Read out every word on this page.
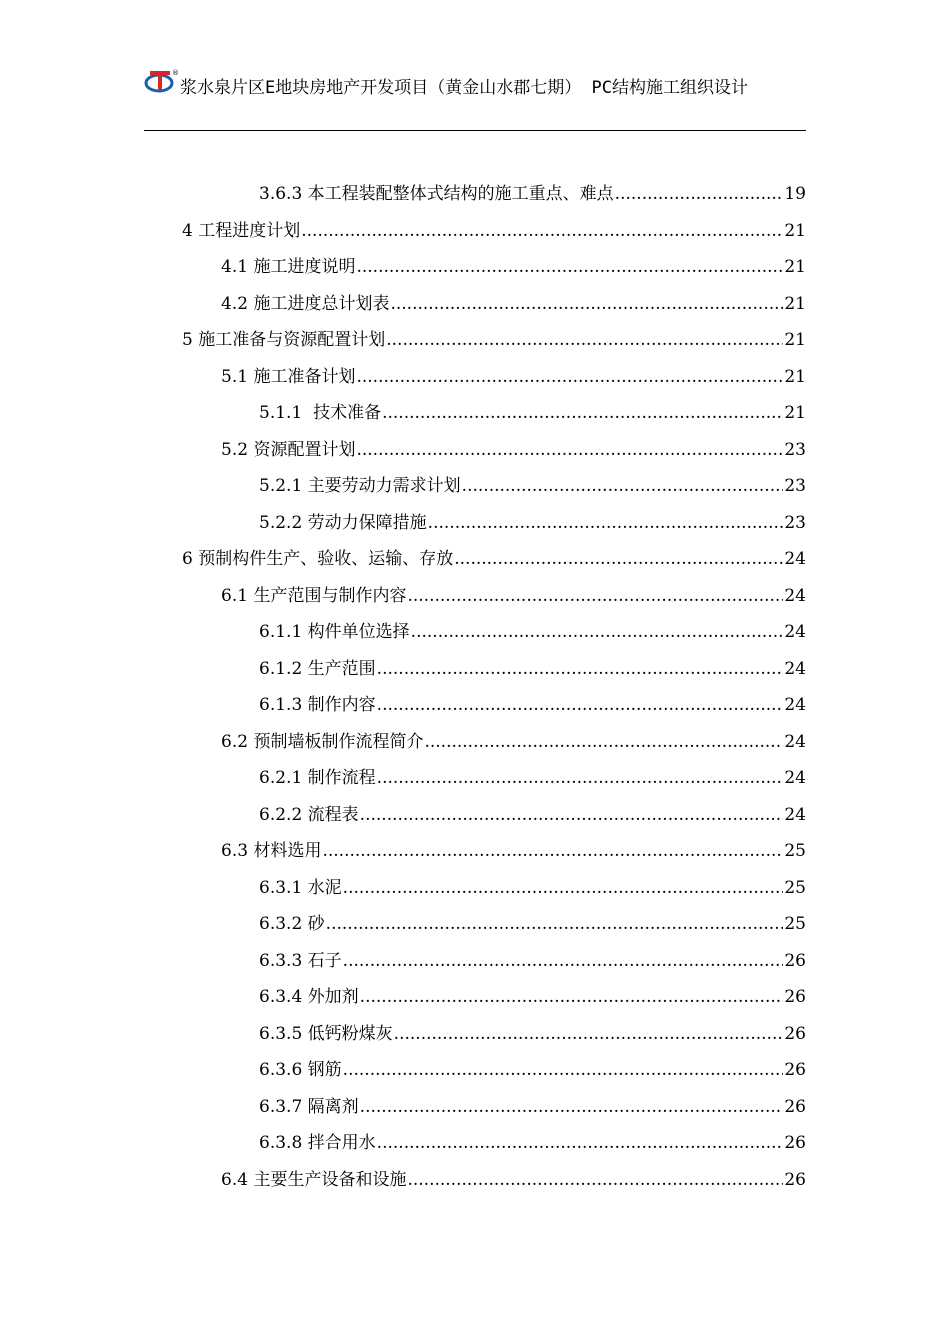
®
浆水泉片区E地块房地产开发项目（黄金山水郡七期） PC结构施工组织设计
3.6.3 本工程装配整体式结构的施工重点、难点 .....	19
4 工程进度计划 .....	21
4.1 施工进度说明 .....	21
4.2 施工进度总计划表 .....	21
5 施工准备与资源配置计划 .....	21
5.1 施工准备计划 .....	21
5.1.1  技术准备 .....	21
5.2 资源配置计划 .....	23
5.2.1 主要劳动力需求计划 .....	23
5.2.2 劳动力保障措施 .....	23
6 预制构件生产、验收、运输、存放 .....	24
6.1 生产范围与制作内容 .....	24
6.1.1 构件单位选择 .....	24
6.1.2 生产范围 .....	24
6.1.3 制作内容 .....	24
6.2 预制墙板制作流程简介 .....	24
6.2.1 制作流程 .....	24
6.2.2 流程表 .....	24
6.3 材料选用 .....	25
6.3.1 水泥 .....	25
6.3.2 砂 .....	25
6.3.3 石子 .....	26
6.3.4 外加剂 .....	26
6.3.5 低钙粉煤灰 .....	26
6.3.6 钢筋 .....	26
6.3.7 隔离剂 .....	26
6.3.8 拌合用水 .....	26
6.4 主要生产设备和设施 .....	26
